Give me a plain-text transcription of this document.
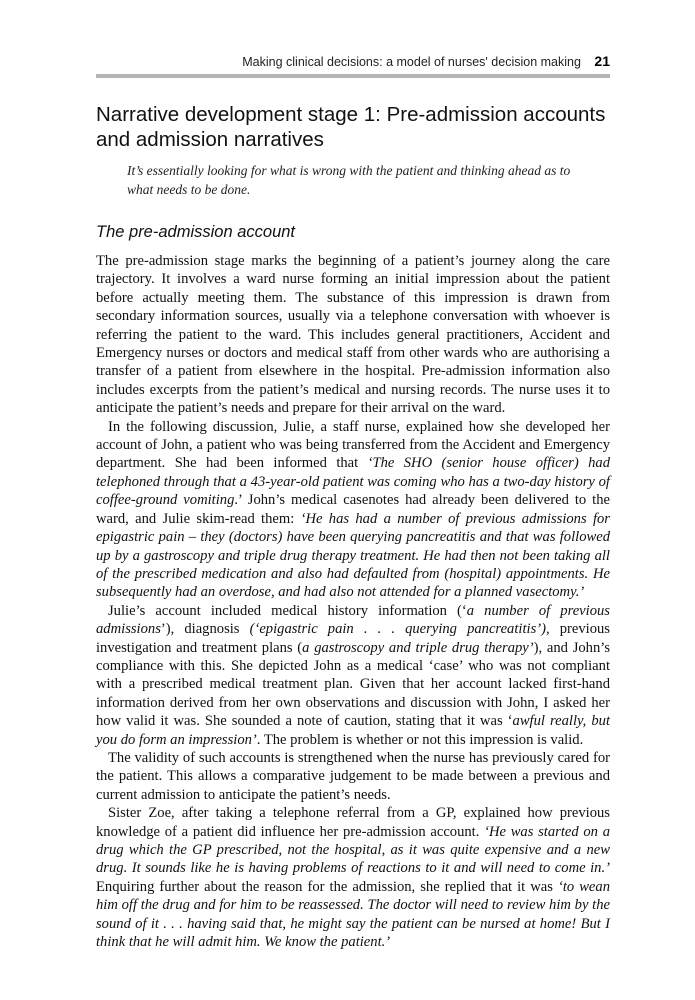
Making clinical decisions: a model of nurses' decision making 21
Narrative development stage 1: Pre-admission accounts and admission narratives

It’s essentially looking for what is wrong with the patient and thinking ahead as to what needs to be done.

The pre-admission account

The pre-admission stage marks the beginning of a patient’s journey along the care trajectory. It involves a ward nurse forming an initial impression about the patient before actually meeting them. The substance of this impression is drawn from secondary information sources, usually via a telephone conversation with whoever is referring the patient to the ward. This includes general practitioners, Accident and Emergency nurses or doctors and medical staff from other wards who are authorising a transfer of a patient from elsewhere in the hospital. Pre-admission information also includes excerpts from the patient’s medical and nursing records. The nurse uses it to anticipate the patient’s needs and prepare for their arrival on the ward.

In the following discussion, Julie, a staff nurse, explained how she developed her account of John, a patient who was being transferred from the Accident and Emergency department. She had been informed that ‘The SHO (senior house officer) had telephoned through that a 43-year-old patient was coming who has a two-day history of coffee-ground vomiting.’ John’s medical casenotes had already been delivered to the ward, and Julie skim-read them: ‘He has had a number of previous admissions for epigastric pain – they (doctors) have been querying pancreatitis and that was followed up by a gastroscopy and triple drug therapy treatment. He had then not been taking all of the prescribed medication and also had defaulted from (hospital) appointments. He subsequently had an overdose, and had also not attended for a planned vasectomy.’

Julie’s account included medical history information (‘a number of previous admissions’), diagnosis (‘epigastric pain . . . querying pancreatitis’), previous investigation and treatment plans (a gastroscopy and triple drug therapy’), and John’s compliance with this. She depicted John as a medical ‘case’ who was not compliant with a prescribed medical treatment plan. Given that her account lacked first-hand information derived from her own observations and discussion with John, I asked her how valid it was. She sounded a note of caution, stating that it was ‘awful really, but you do form an impression’. The problem is whether or not this impression is valid.

The validity of such accounts is strengthened when the nurse has previously cared for the patient. This allows a comparative judgement to be made between a previous and current admission to anticipate the patient’s needs.

Sister Zoe, after taking a telephone referral from a GP, explained how previous knowledge of a patient did influence her pre-admission account. ‘He was started on a drug which the GP prescribed, not the hospital, as it was quite expensive and a new drug. It sounds like he is having problems of reactions to it and will need to come in.’ Enquiring further about the reason for the admission, she replied that it was ‘to wean him off the drug and for him to be reassessed. The doctor will need to review him by the sound of it . . . having said that, he might say the patient can be nursed at home! But I think that he will admit him. We know the patient.’
